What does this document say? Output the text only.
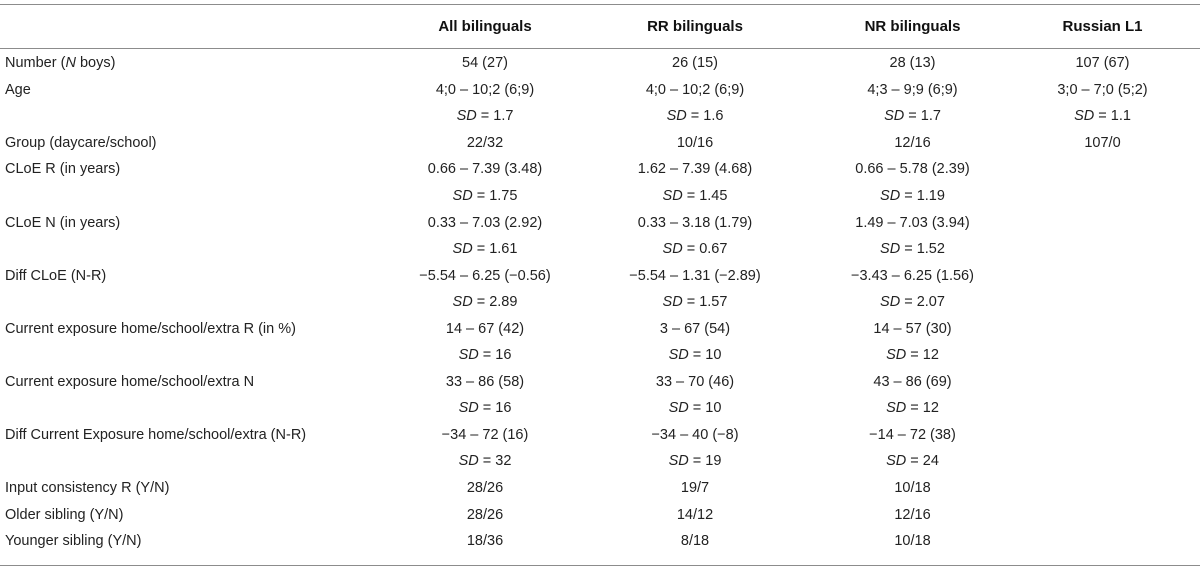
	All bilinguals	RR bilinguals	NR bilinguals	Russian L1
Number (N boys)	54 (27)	26 (15)	28 (13)	107 (67)
Age	4;0 – 10;2 (6;9)	4;0 – 10;2 (6;9)	4;3 – 9;9 (6;9)	3;0 – 7;0 (5;2)
	SD = 1.7	SD = 1.6	SD = 1.7	SD = 1.1
Group (daycare/school)	22/32	10/16	12/16	107/0
CLoE R (in years)	0.66 – 7.39 (3.48)	1.62 – 7.39 (4.68)	0.66 – 5.78 (2.39)	
	SD = 1.75	SD = 1.45	SD = 1.19	
CLoE N (in years)	0.33 – 7.03 (2.92)	0.33 – 3.18 (1.79)	1.49 – 7.03 (3.94)	
	SD = 1.61	SD = 0.67	SD = 1.52	
Diff CLoE (N-R)	−5.54 – 6.25 (−0.56)	−5.54 – 1.31 (−2.89)	−3.43 – 6.25 (1.56)	
	SD = 2.89	SD = 1.57	SD = 2.07	
Current exposure home/school/extra R (in %)	14 – 67 (42)	3 – 67 (54)	14 – 57 (30)	
	SD = 16	SD = 10	SD = 12	
Current exposure home/school/extra N	33 – 86 (58)	33 – 70 (46)	43 – 86 (69)	
	SD = 16	SD = 10	SD = 12	
Diff Current Exposure home/school/extra (N-R)	−34 – 72 (16)	−34 – 40 (−8)	−14 – 72 (38)	
	SD = 32	SD = 19	SD = 24	
Input consistency R (Y/N)	28/26	19/7	10/18	
Older sibling (Y/N)	28/26	14/12	12/16	
Younger sibling (Y/N)	18/36	8/18	10/18	
